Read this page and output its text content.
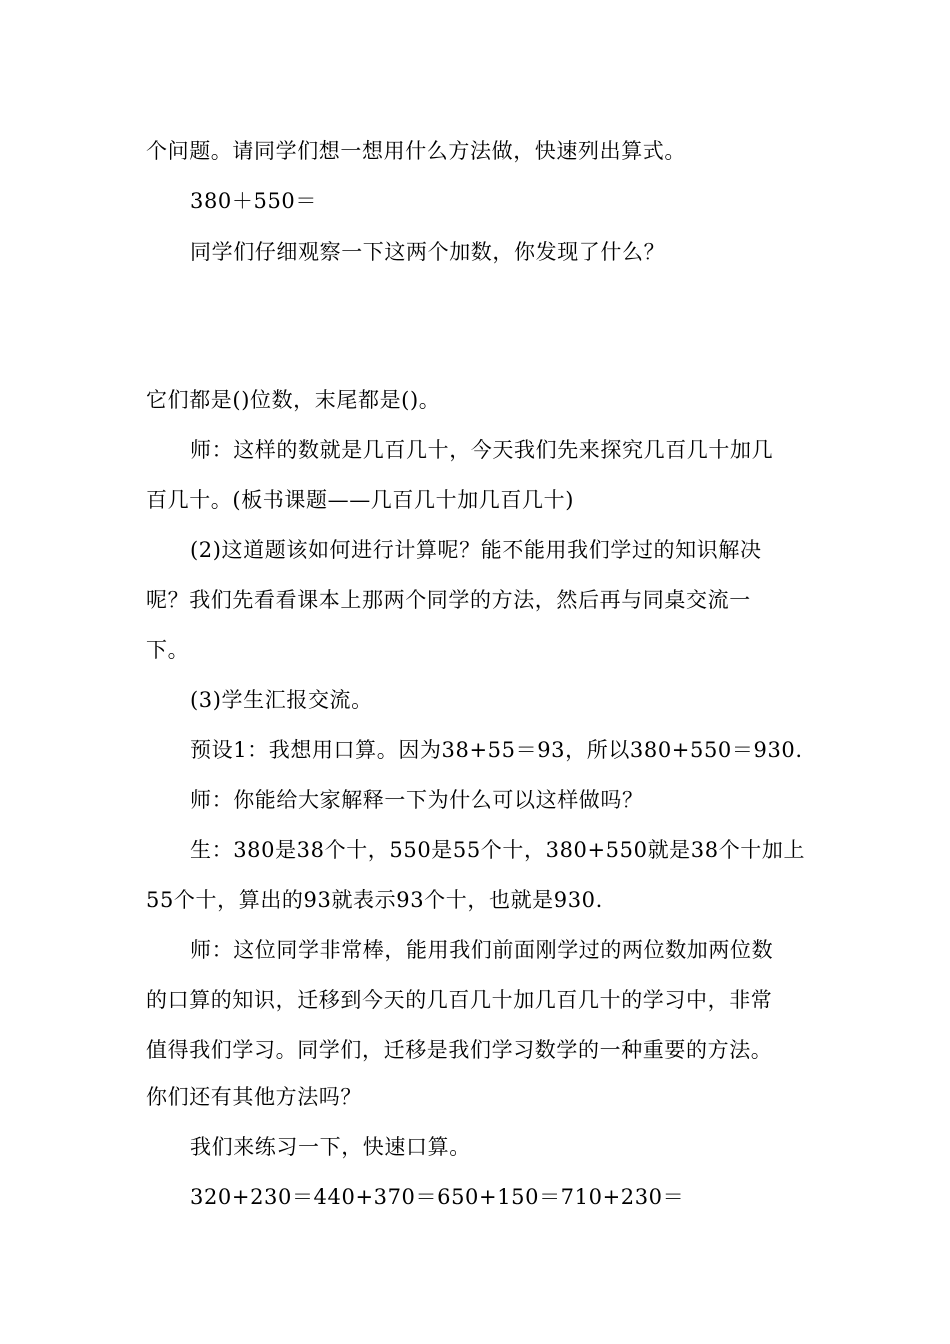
个问题。请同学们想一想用什么方法做，快速列出算式。
380＋550＝
同学们仔细观察一下这两个加数，你发现了什么？
它们都是()位数，末尾都是()。
师：这样的数就是几百几十，今天我们先来探究几百几十加几
百几十。(板书课题——几百几十加几百几十)
(2)这道题该如何进行计算呢？能不能用我们学过的知识解决
呢？我们先看看课本上那两个同学的方法，然后再与同桌交流一
下。
(3)学生汇报交流。
预设1：我想用口算。因为38+55＝93，所以380+550＝930.
师：你能给大家解释一下为什么可以这样做吗？
生：380是38个十，550是55个十，380+550就是38个十加上
55个十，算出的93就表示93个十，也就是930.
师：这位同学非常棒，能用我们前面刚学过的两位数加两位数
的口算的知识，迁移到今天的几百几十加几百几十的学习中，非常
值得我们学习。同学们，迁移是我们学习数学的一种重要的方法。
你们还有其他方法吗？
我们来练习一下，快速口算。
320+230＝440+370＝650+150＝710+230＝
